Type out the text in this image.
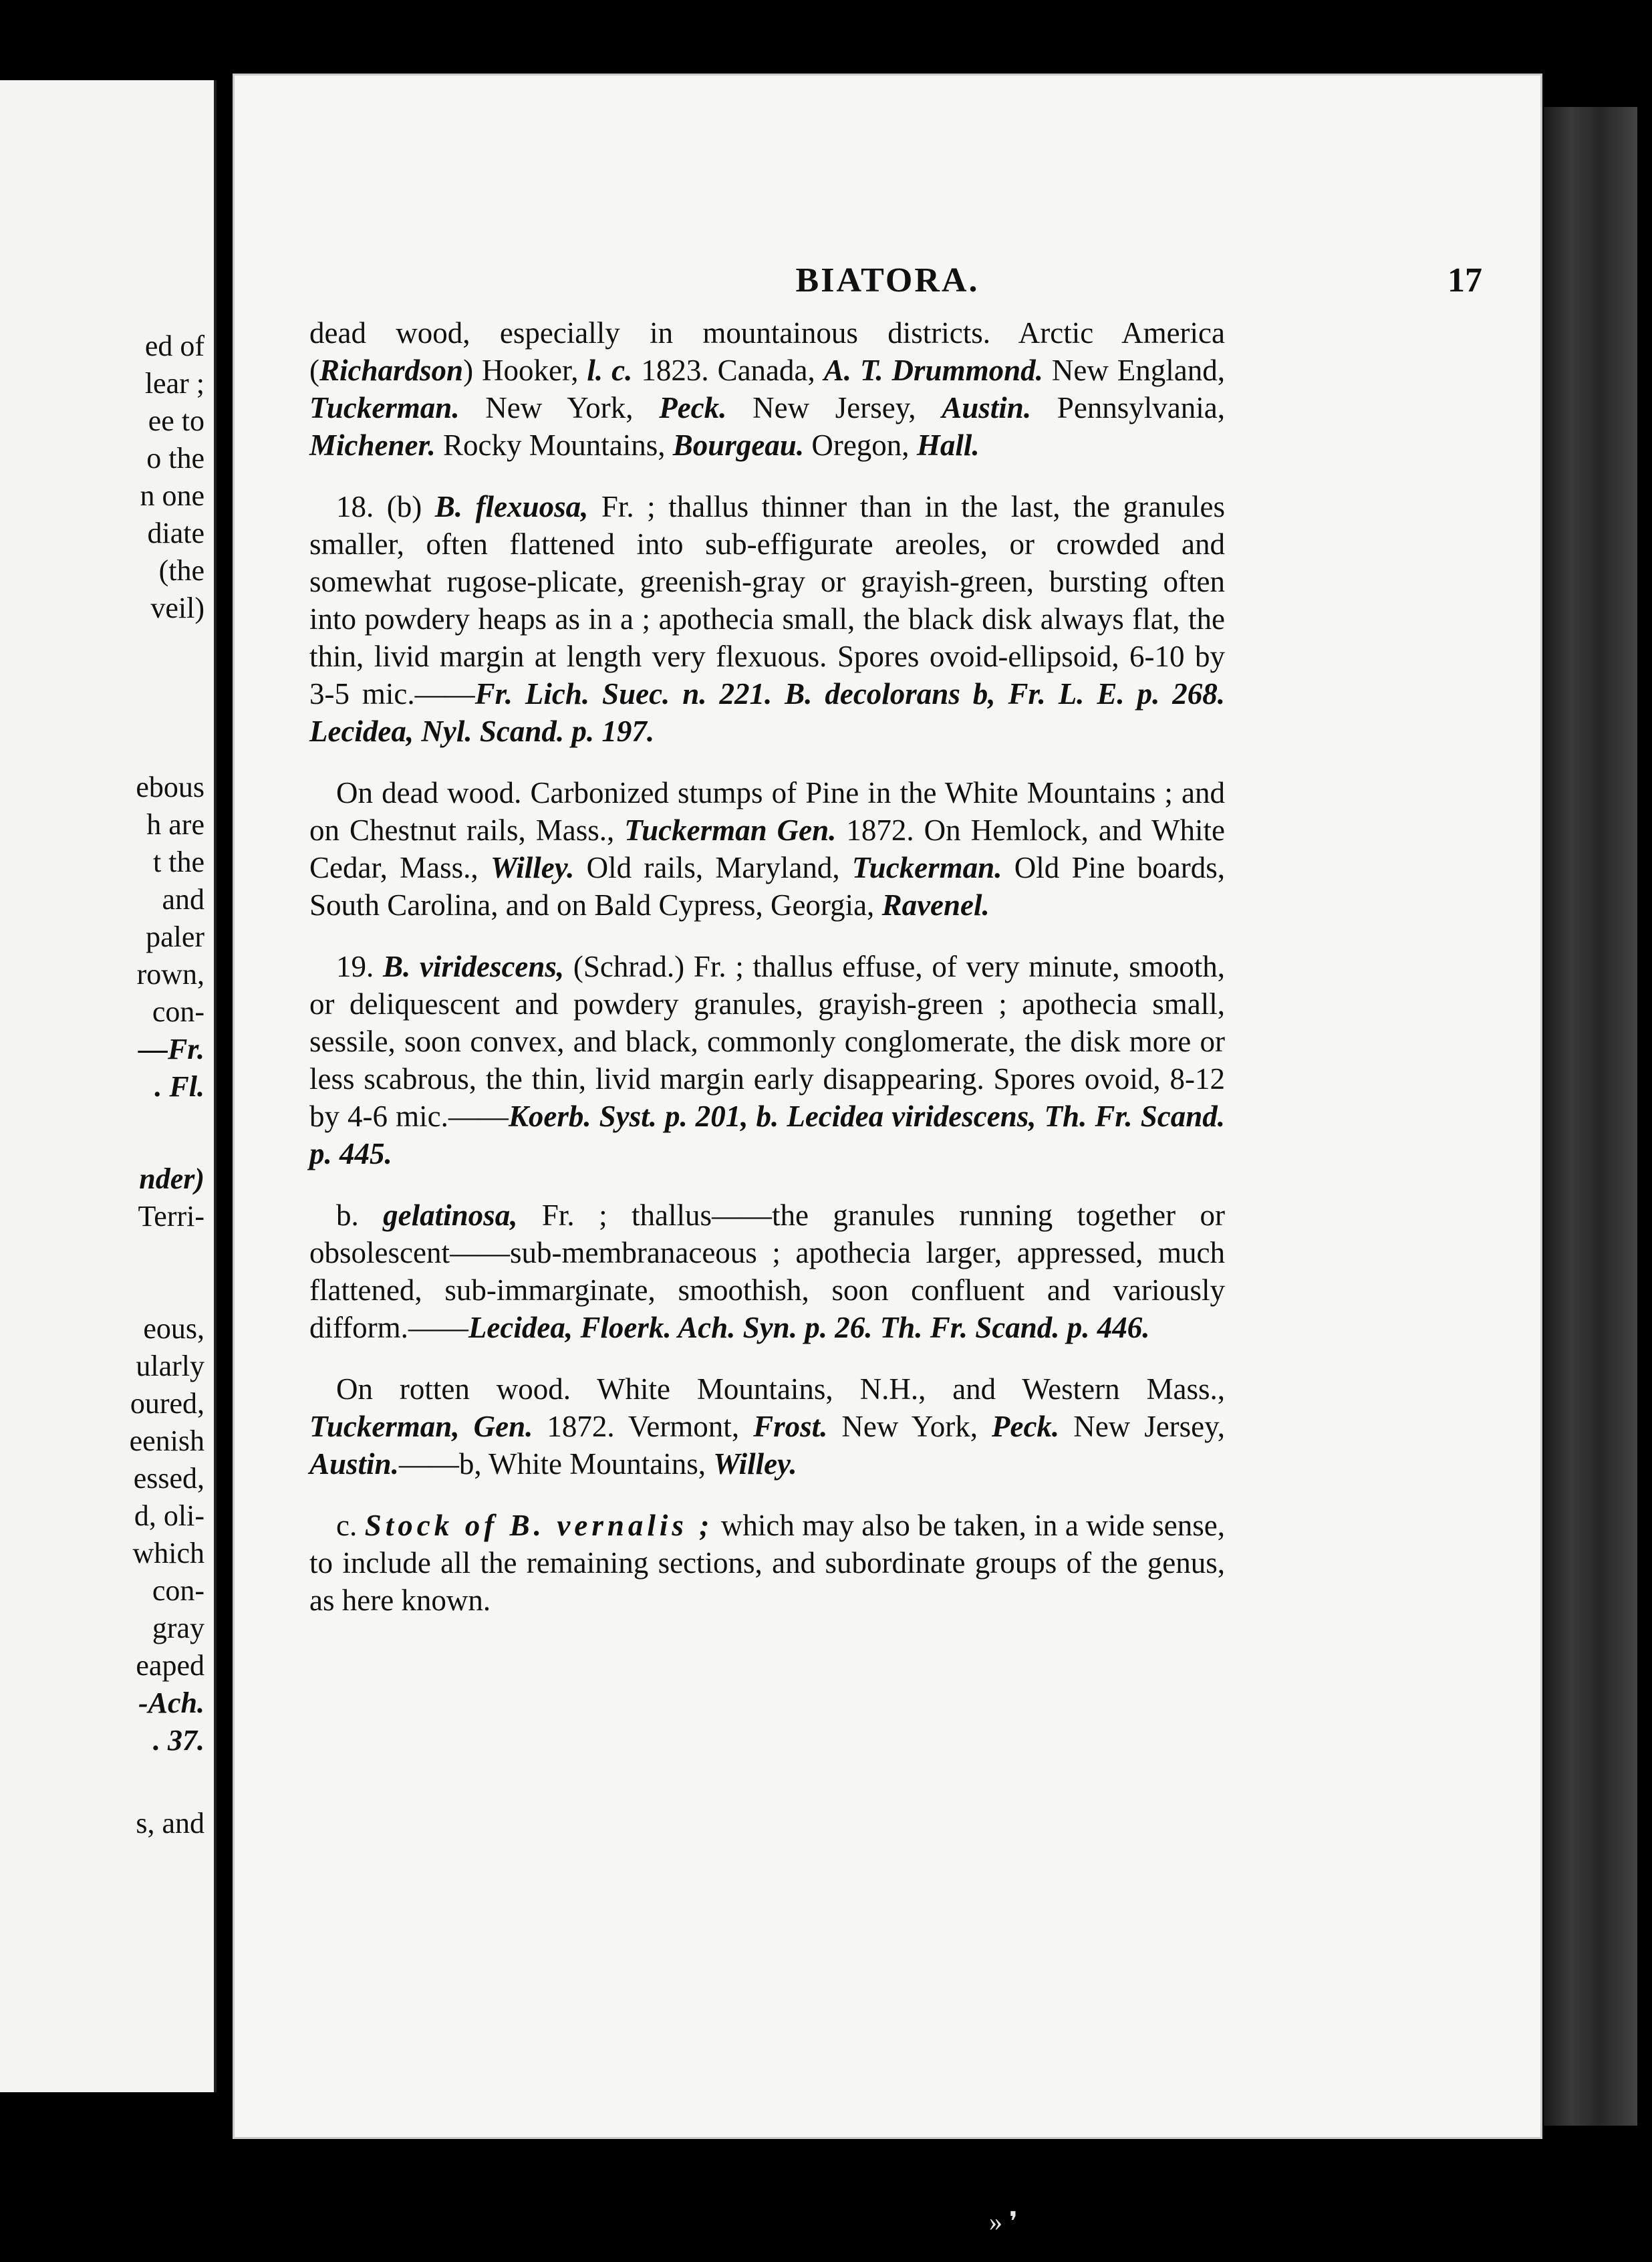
ed of
lear ;
ee to
o the
n one
diate
(the
veil)
ebous
h are
t the
and
paler
rown,
con-
—Fr.
. Fl.
nder)
Terri-
eous,
ularly
oured,
eenish
essed,
d, oli-
which
con-
gray
eaped
-Ach.
. 37.
s, and
BIATORA.	17

dead wood, especially in mountainous districts. Arctic America (Richardson) Hooker, l. c. 1823. Canada, A. T. Drummond. New England, Tuckerman. New York, Peck. New Jersey, Austin. Pennsylvania, Michener. Rocky Mountains, Bourgeau. Oregon, Hall.

18. (b) B. flexuosa, Fr. ; thallus thinner than in the last, the granules smaller, often flattened into sub-effigurate areoles, or crowded and somewhat rugose-plicate, greenish-gray or grayish-green, bursting often into powdery heaps as in a ; apothecia small, the black disk always flat, the thin, livid margin at length very flexuous. Spores ovoid-ellipsoid, 6-10 by 3-5 mic.——Fr. Lich. Suec. n. 221. B. decolorans b, Fr. L. E. p. 268. Lecidea, Nyl. Scand. p. 197.

On dead wood. Carbonized stumps of Pine in the White Mountains ; and on Chestnut rails, Mass., Tuckerman Gen. 1872. On Hemlock, and White Cedar, Mass., Willey. Old rails, Maryland, Tuckerman. Old Pine boards, South Carolina, and on Bald Cypress, Georgia, Ravenel.

19. B. viridescens, (Schrad.) Fr. ; thallus effuse, of very minute, smooth, or deliquescent and powdery granules, grayish-green ; apothecia small, sessile, soon convex, and black, commonly conglomerate, the disk more or less scabrous, the thin, livid margin early disappearing. Spores ovoid, 8-12 by 4-6 mic.——Koerb. Syst. p. 201, b. Lecidea viridescens, Th. Fr. Scand. p. 445.

b. gelatinosa, Fr. ; thallus——the granules running together or obsolescent——sub-membranaceous ; apothecia larger, appressed, much flattened, sub-immarginate, smoothish, soon confluent and variously difform.——Lecidea, Floerk. Ach. Syn. p. 26. Th. Fr. Scand. p. 446.

On rotten wood. White Mountains, N.H., and Western Mass., Tuckerman, Gen. 1872. Vermont, Frost. New York, Peck. New Jersey, Austin.——b, White Mountains, Willey.

c. Stock of B. vernalis ; which may also be taken, in a wide sense, to include all the remaining sections, and subordinate groups of the genus, as here known.

» ❜
